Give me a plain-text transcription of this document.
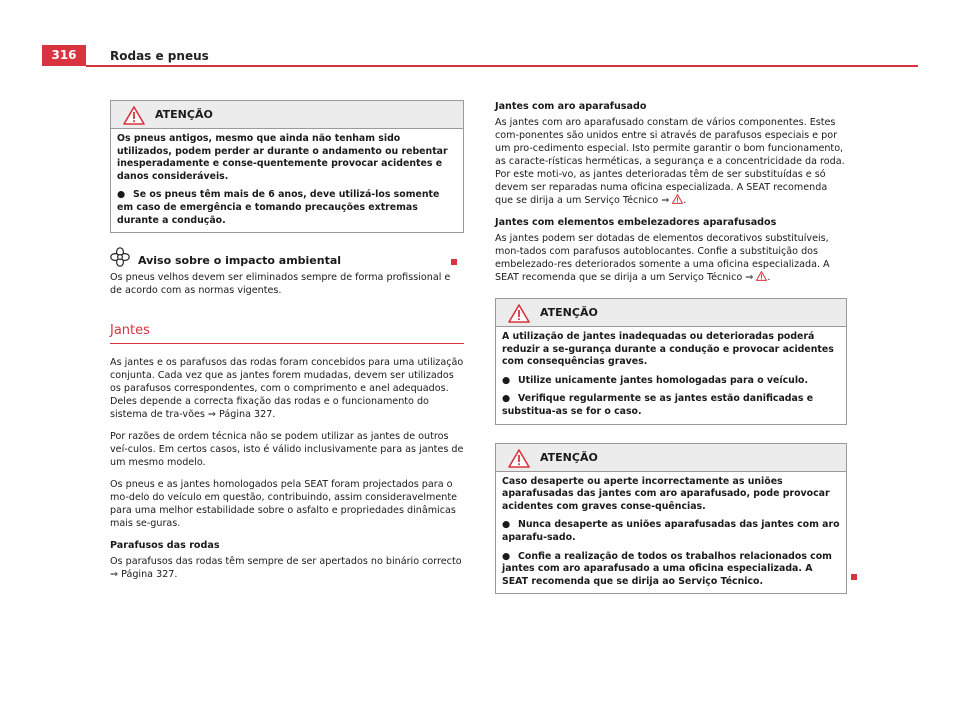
316	Rodas e pneus
ATENÇÃO
Os pneus antigos, mesmo que ainda não tenham sido utilizados, podem perder ar durante o andamento ou rebentar inesperadamente e conse-quentemente provocar acidentes e danos consideráveis.
● Se os pneus têm mais de 6 anos, deve utilizá-los somente em caso de emergência e tomando precauções extremas durante a condução.
Aviso sobre o impacto ambiental

Os pneus velhos devem ser eliminados sempre de forma profissional e de acordo com as normas vigentes.

Jantes

As jantes e os parafusos das rodas foram concebidos para uma utilização conjunta. Cada vez que as jantes forem mudadas, devem ser utilizados os parafusos correspondentes, com o comprimento e anel adequados. Deles depende a correcta fixação das rodas e o funcionamento do sistema de tra-vões ⇒ Página 327.

Por razões de ordem técnica não se podem utilizar as jantes de outros veí-culos. Em certos casos, isto é válido inclusivamente para as jantes de um mesmo modelo.

Os pneus e as jantes homologados pela SEAT foram projectados para o mo-delo do veículo em questão, contribuindo, assim consideravelmente para uma melhor estabilidade sobre o asfalto e propriedades dinâmicas mais se-guras.

Parafusos das rodas

Os parafusos das rodas têm sempre de ser apertados no binário correcto ⇒ Página 327.

Jantes com aro aparafusado

As jantes com aro aparafusado constam de vários componentes. Estes com-ponentes são unidos entre si através de parafusos especiais e por um pro-cedimento especial. Isto permite garantir o bom funcionamento, as caracte-rísticas herméticas, a segurança e a concentricidade da roda. Por este moti-vo, as jantes deterioradas têm de ser substituídas e só devem ser reparadas numa oficina especializada. A SEAT recomenda que se dirija a um Serviço Técnico ⇒ .

Jantes com elementos embelezadores aparafusados

As jantes podem ser dotadas de elementos decorativos substituíveis, mon-tados com parafusos autoblocantes. Confie a substituição dos embelezado-res deteriorados somente a uma oficina especializada. A SEAT recomenda que se dirija a um Serviço Técnico ⇒ .

ATENÇÃO
A utilização de jantes inadequadas ou deterioradas poderá reduzir a se-gurança durante a condução e provocar acidentes com consequências graves.
● Utilize unicamente jantes homologadas para o veículo.
● Verifique regularmente se as jantes estão danificadas e substitua-as se for o caso.
ATENÇÃO
Caso desaperte ou aperte incorrectamente as uniões aparafusadas das jantes com aro aparafusado, pode provocar acidentes com graves conse-quências.
● Nunca desaperte as uniões aparafusadas das jantes com aro aparafu-sado.
● Confie a realização de todos os trabalhos relacionados com jantes com aro aparafusado a uma oficina especializada. A SEAT recomenda que se dirija ao Serviço Técnico.
